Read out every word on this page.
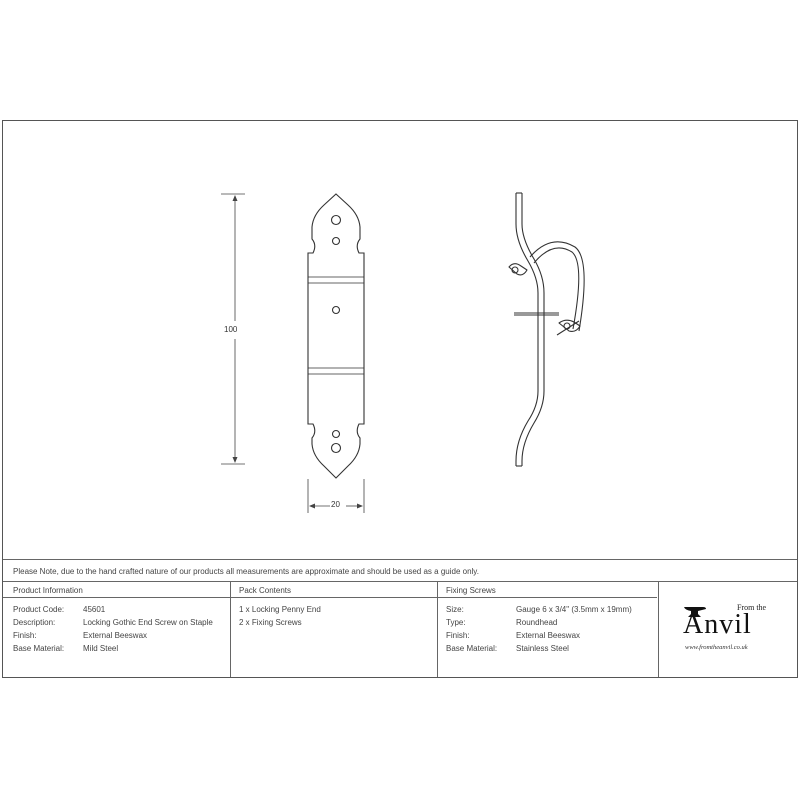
100
20
Please Note, due to the hand crafted nature of our products all measurements are approximate and should be used as a guide only.
Product Information
Product Code: 45601
Description:	Locking Gothic End Screw on Staple
Finish:	External Beeswax
Base Material: Mild Steel
Pack Contents
1 x Locking Penny End
2 x Fixing Screws
Fixing Screws
Size:	Gauge 6 x 3/4" (3.5mm x 19mm)
Type:	Roundhead
Finish:	External Beeswax
Base Material: Stainless Steel
From the
Anvil
www.fromtheanvil.co.uk
